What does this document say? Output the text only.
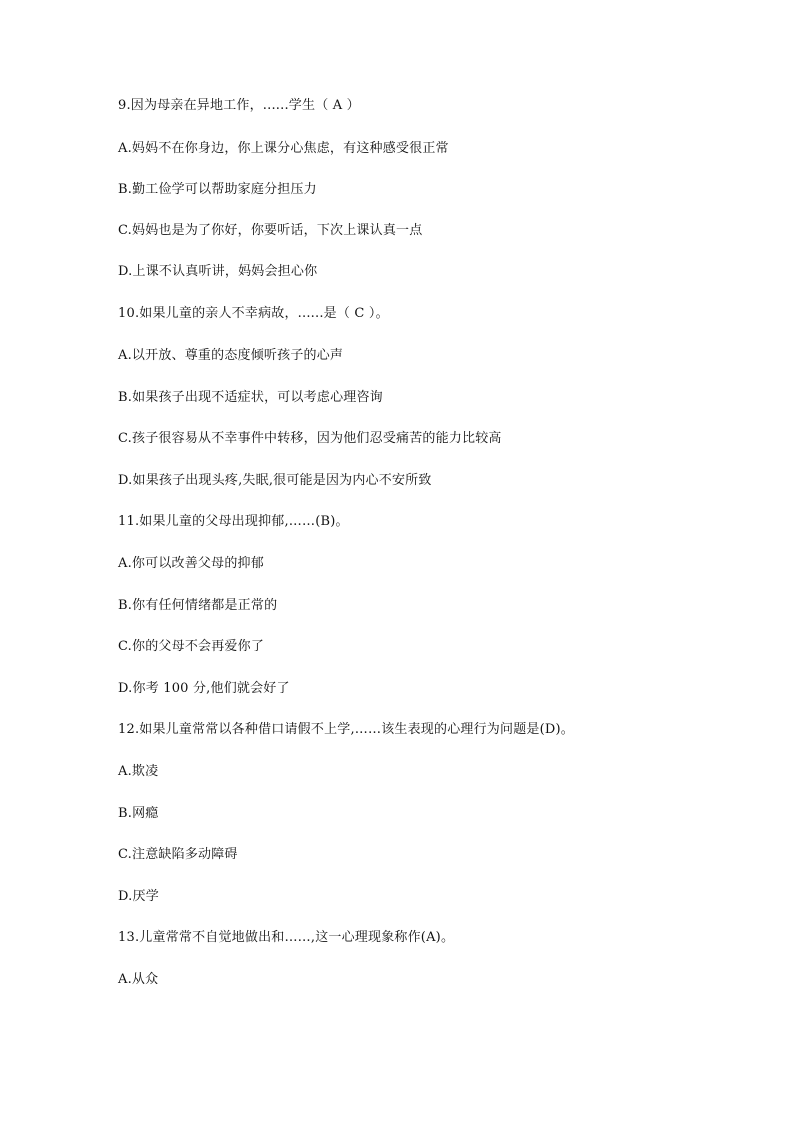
9.因为母亲在异地工作，......学生（ A ）

A.妈妈不在你身边，你上课分心焦虑，有这种感受很正常

B.勤工俭学可以帮助家庭分担压力

C.妈妈也是为了你好，你要听话，下次上课认真一点

D.上课不认真听讲，妈妈会担心你

10.如果儿童的亲人不幸病故，......是（ C ）。

A.以开放、尊重的态度倾听孩子的心声

B.如果孩子出现不适症状，可以考虑心理咨询

C.孩子很容易从不幸事件中转移，因为他们忍受痛苦的能力比较高

D.如果孩子出现头疼,失眠,很可能是因为内心不安所致

11.如果儿童的父母出现抑郁,……(B)。

A.你可以改善父母的抑郁

B.你有任何情绪都是正常的

C.你的父母不会再爱你了

D.你考 100 分,他们就会好了

12.如果儿童常常以各种借口请假不上学,……该生表现的心理行为问题是(D)。

A.欺凌

B.网瘾

C.注意缺陷多动障碍

D.厌学

13.儿童常常不自觉地做出和……,这一心理现象称作(A)。

A.从众
